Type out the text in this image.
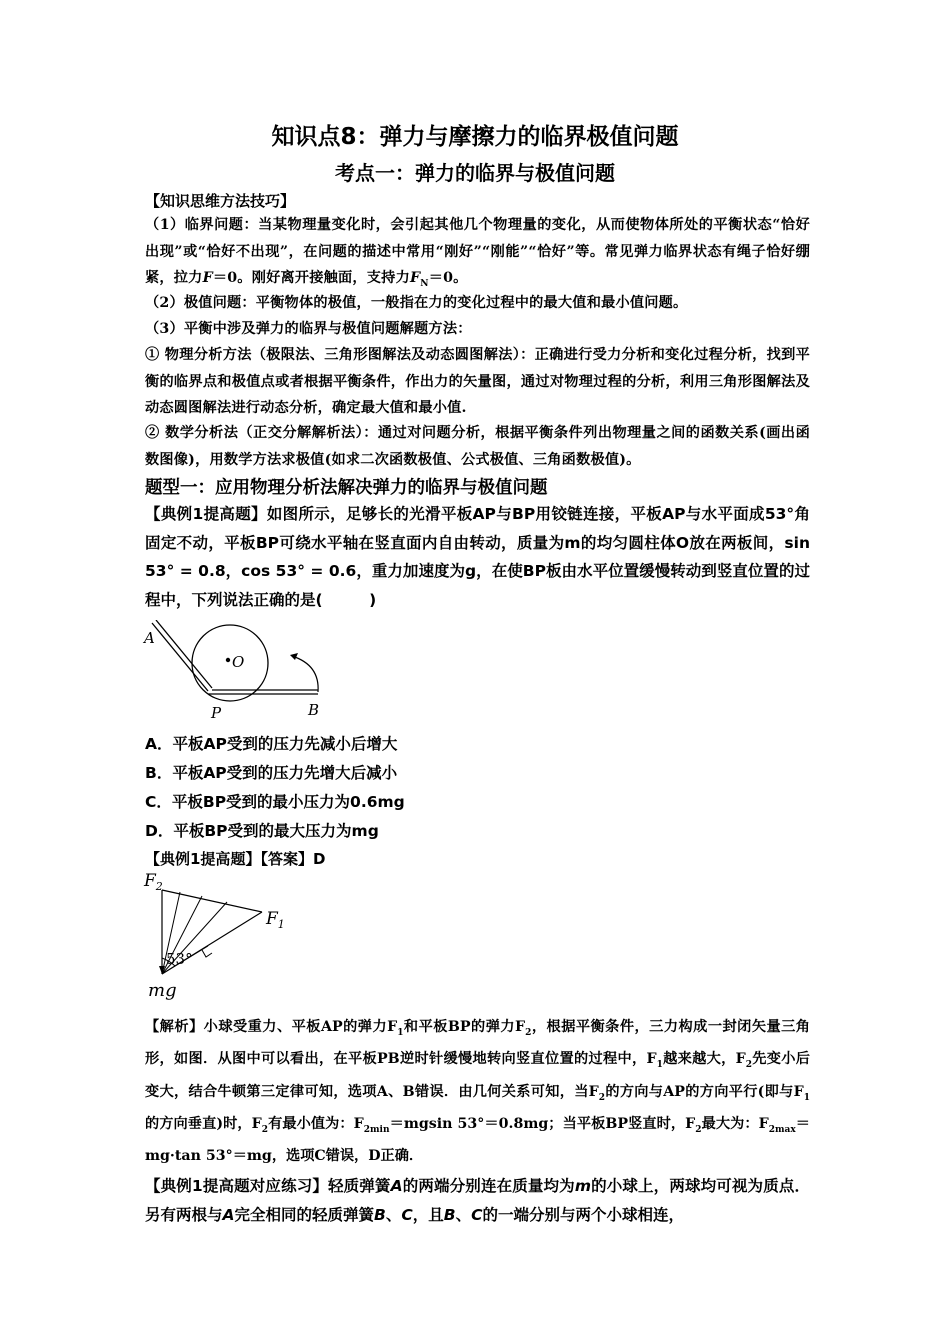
知识点8：弹力与摩擦力的临界极值问题
考点一：弹力的临界与极值问题
【知识思维方法技巧】
（1）临界问题：当某物理量变化时，会引起其他几个物理量的变化，从而使物体所处的平衡状态“恰好出现”或“恰好不出现”，在问题的描述中常用“刚好”“刚能”“恰好”等。常见弹力临界状态有绳子恰好绷紧，拉力F＝0。刚好离开接触面，支持力$F_N=0$。
（2）极值问题：平衡物体的极值，一般指在力的变化过程中的最大值和最小值问题。
（3）平衡中涉及弹力的临界与极值问题解题方法：
① 物理分析方法（极限法、三角形图解法及动态圆图解法）：正确进行受力分析和变化过程分析，找到平衡的临界点和极值点或者根据平衡条件，作出力的矢量图，通过对物理过程的分析，利用三角形图解法及动态圆图解法进行动态分析，确定最大值和最小值.
② 数学分析法（正交分解解析法）：通过对问题分析，根据平衡条件列出物理量之间的函数关系(画出函数图像)，用数学方法求极值(如求二次函数极值、公式极值、三角函数极值)。
题型一：应用物理分析法解决弹力的临界与极值问题
【典例1提高题】如图所示，足够长的光滑平板AP与BP用铰链连接，平板AP与水平面成53°角固定不动，平板BP可绕水平轴在竖直面内自由转动，质量为m的均匀圆柱体O放在两板间，sin 53° = 0.8，cos 53° = 0.6，重力加速度为g，在使BP板由水平位置缓慢转动到竖直位置的过程中，下列说法正确的是(　　　)
A
O
P	B
A．平板AP受到的压力先减小后增大
B．平板AP受到的压力先增大后减小
C．平板BP受到的最小压力为0.6mg
D．平板BP受到的最大压力为mg
【典例1提高题】【答案】D
$F_2$
$F_1$
53°
mg
【解析】小球受重力、平板AP的弹力$F_1$和平板BP的弹力$F_2$，根据平衡条件，三力构成一封闭矢量三角形，如图．从图中可以看出，在平板PB逆时针缓慢地转向竖直位置的过程中，$F_1$越来越大，$F_2$先变小后变大，结合牛顿第三定律可知，选项A、B错误．由几何关系可知，当$F_2$的方向与AP的方向平行(即与$F_1$的方向垂直)时，$F_2$有最小值为：$F_{2min}=mgsin$ 53°＝0.8mg；当平板BP竖直时，$F_2$最大为：$F_{2max}=mg\cdot\tan$ 53°＝mg，选项C错误，D正确．
【典例1提高题对应练习】轻质弹簧A的两端分别连在质量均为m的小球上，两球均可视为质点．另有两根与A完全相同的轻质弹簧B、C，且B、C的一端分别与两个小球相连，
